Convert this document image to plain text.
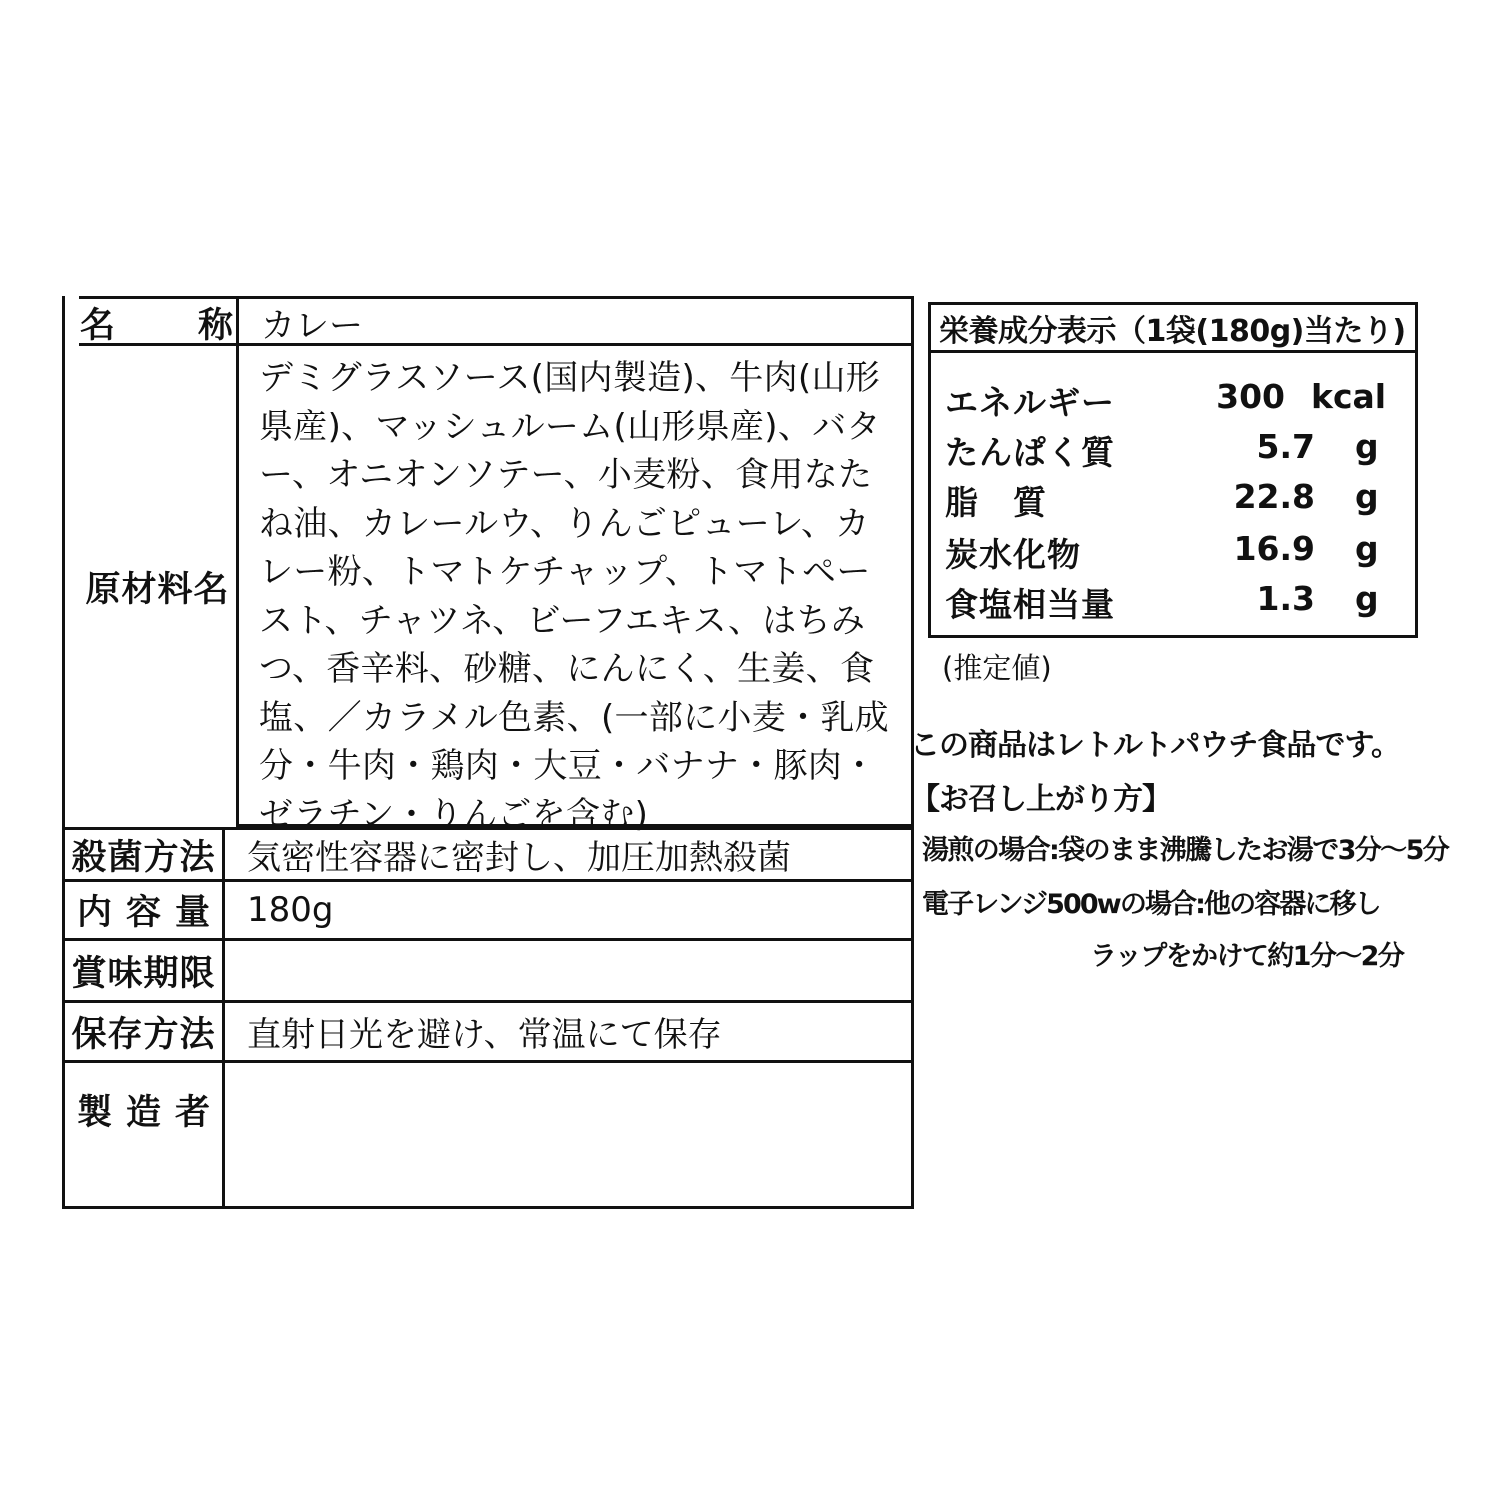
名　称 カレー
原材料名
デミグラスソース(国内製造)、牛肉(山形県産)、マッシュルーム(山形県産)、バター、オニオンソテー、小麦粉、食用なたね油、カレールウ、りんごピューレ、カレー粉、トマトケチャップ、トマトペースト、チャツネ、ビーフエキス、はちみつ、香辛料、砂糖、にんにく、生姜、食塩、／カラメル色素、(一部に小麦・乳成分・牛肉・鶏肉・大豆・バナナ・豚肉・ゼラチン・りんごを含む)
殺菌方法 気密性容器に密封し、加圧加熱殺菌
内容量 180g
賞味期限
保存方法 直射日光を避け、常温にて保存
製造者
栄養成分表示（1袋(180g)当たり)
エネルギー	300 kcal
たんぱく質	5.7 g
脂　質	22.8 g
炭水化物	16.9 g
食塩相当量	1.3 g
(推定値)
この商品はレトルトパウチ食品です。
【お召し上がり方】
湯煎の場合:袋のまま沸騰したお湯で3分～5分
電子レンジ500wの場合:他の容器に移し
ラップをかけて約1分～2分
